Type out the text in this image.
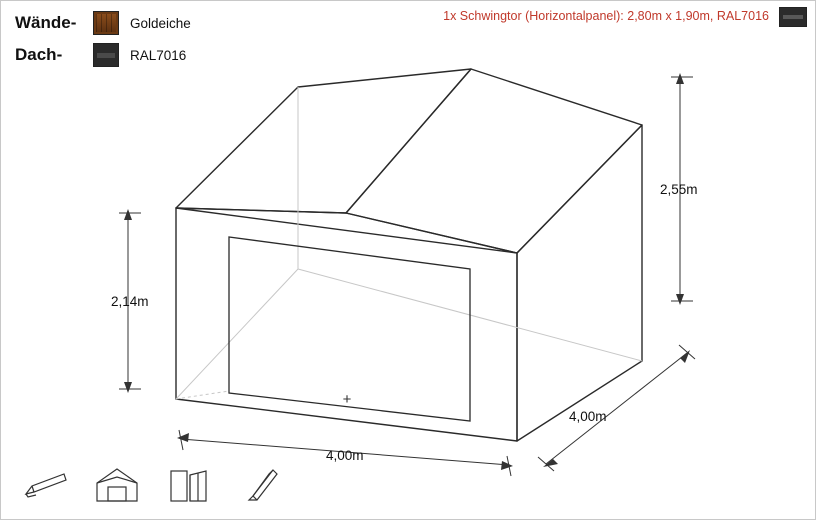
Wände-	Goldeiche
Dach-	RAL7016
1x Schwingtor (Horizontalpanel): 2,80m x 1,90m, RAL7016
+
2,14m
2,55m
4,00m
4,00m
